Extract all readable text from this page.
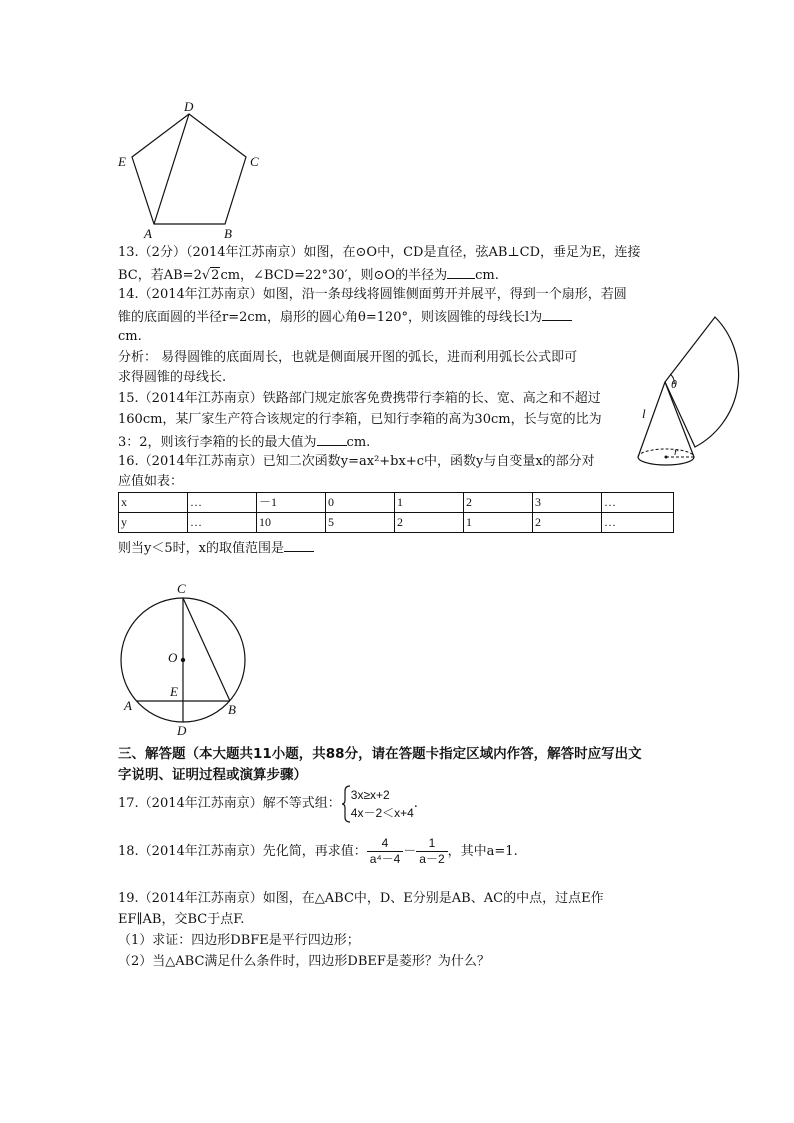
D
E	C
A	B
θ
l
r
C
O
E
A	B
D
13.（2分）（2014年江苏南京）如图，在⊙O中，CD是直径，弦AB⊥CD，垂足为E，连接
BC，若AB=2√2cm，∠BCD=22°30′，则⊙O的半径为 cm.
14.（2014年江苏南京）如图，沿一条母线将圆锥侧面剪开并展平，得到一个扇形，若圆
锥的底面圆的半径r=2cm，扇形的圆心角θ=120°，则该圆锥的母线长l为
cm.
分析： 易得圆锥的底面周长，也就是侧面展开图的弧长，进而利用弧长公式即可
求得圆锥的母线长.
15.（2014年江苏南京）铁路部门规定旅客免费携带行李箱的长、宽、高之和不超过
160cm，某厂家生产符合该规定的行李箱，已知行李箱的高为30cm，长与宽的比为
3：2，则该行李箱的长的最大值为 cm.
16.（2014年江苏南京）已知二次函数y=ax²+bx+c中，函数y与自变量x的部分对
应值如表：
x	…	－1	0	1	2	3	…
y	…	10	5	2	1	2	…
则当y＜5时，x的取值范围是
三、解答题（本大题共11小题，共88分，请在答题卡指定区域内作答，解答时应写出文
字说明、证明过程或演算步骤）
17.（2014年江苏南京）解不等式组：
3x≥x+2
4x－2＜x+4
.
18.（2014年江苏南京）先化简，再求值： $\frac{4}{\text{a⁴－4}} - \frac{1}{a-2}$ ，其中a=1.
19.（2014年江苏南京）如图，在△ABC中，D、E分别是AB、AC的中点，过点E作
EF∥AB，交BC于点F.
（1）求证：四边形DBFE是平行四边形；
（2）当△ABC满足什么条件时，四边形DBEF是菱形？为什么？
